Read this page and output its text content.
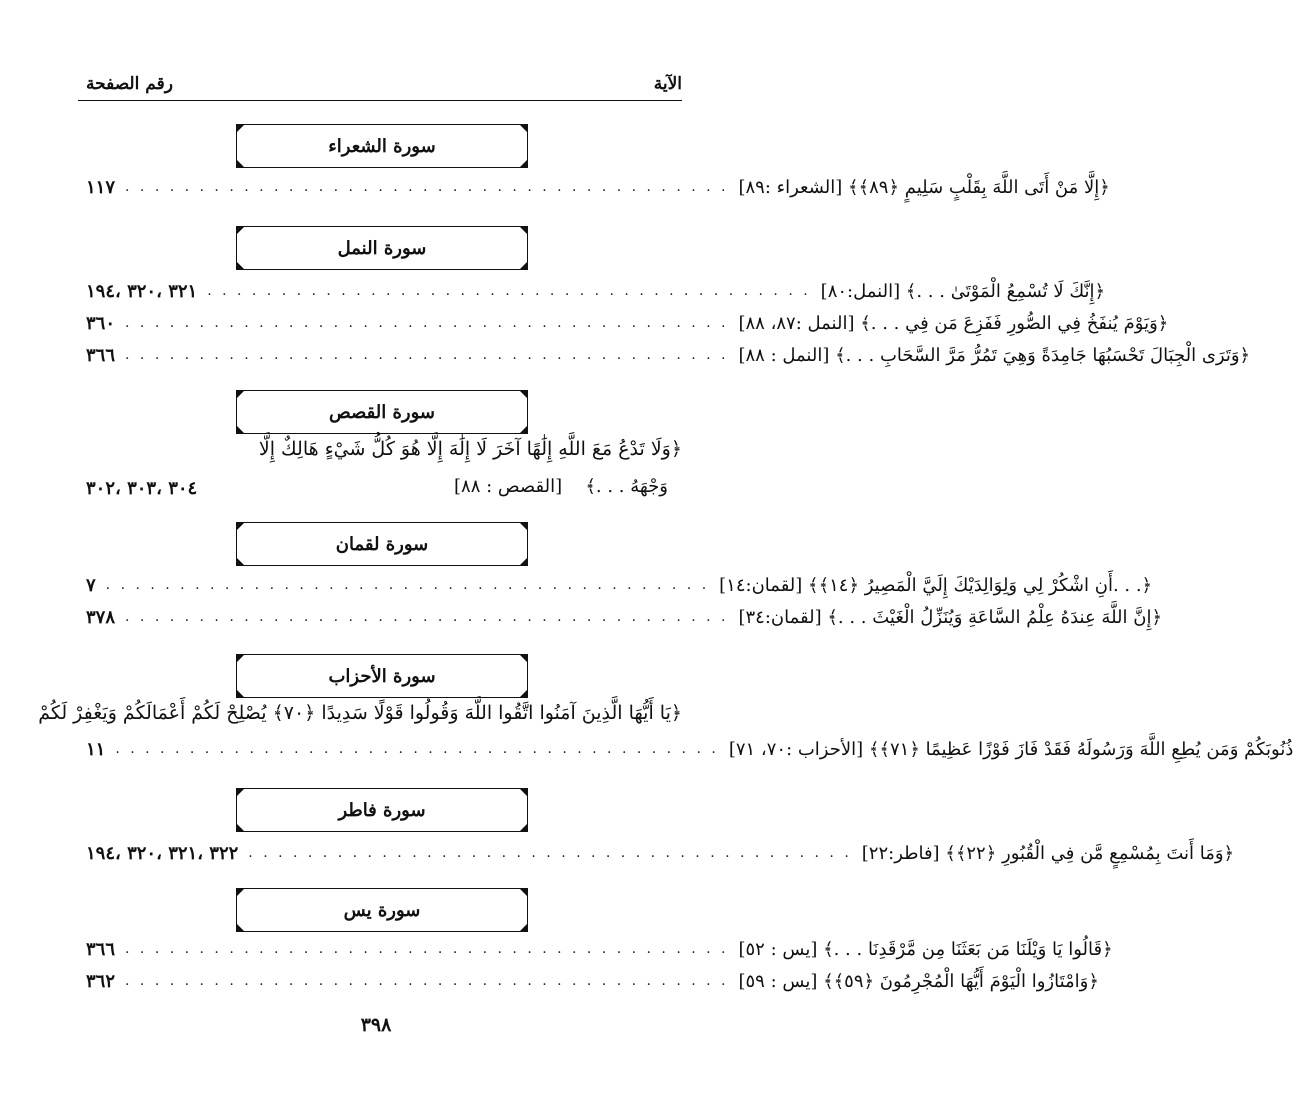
الآية
رقم الصفحة
سورة الشعراء
١١٧ . . . . . . . . . . . . . . . . . . . . . . . . . . . . . . . . . . . . . . . . . ﴿إِلَّا مَنْ أَتَى اللَّهَ بِقَلْبٍ سَلِيمٍ ﴿٨٩﴾﴾ [الشعراء :٨٩]
سورة النمل
٣٢١ ،٣٢٠ ،١٩٤ . . . . . . . . . . . . . . . . . . . . . . . . . . . . . . . . . . . . . . . . . ﴿إِنَّكَ لَا تُسْمِعُ الْمَوْتَىٰ . . .﴾ [النمل:٨٠]
٣٦٠ . . . . . . . . . . . . . . . . . . . . . . . . . . . . . . . . . . . . . . . . . ﴿وَيَوْمَ يُنفَخُ فِي الصُّورِ فَفَزِعَ مَن فِي . . .﴾ [النمل :٨٧، ٨٨]
٣٦٦ . . . . . . . . . . . . . . . . . . . . . . . . . . . . . . . . . . . . . . . . . ﴿وَتَرَى الْجِبَالَ تَحْسَبُهَا جَامِدَةً وَهِيَ تَمُرُّ مَرَّ السَّحَابِ . . .﴾ [النمل : ٨٨]
سورة القصص
﴿وَلَا تَدْعُ مَعَ اللَّهِ إِلَٰهًا آخَرَ لَا إِلَٰهَ إِلَّا هُوَ كُلُّ شَيْءٍ هَالِكٌ إِلَّا
وَجْهَهُ . . .﴾
[القصص : ٨٨]
٣٠٤ ،٣٠٣ ،٣٠٢
سورة لقمان
٧ . . . . . . . . . . . . . . . . . . . . . . . . . . . . . . . . . . . . . . . . . ﴿. . .أَنِ اشْكُرْ لِي وَلِوَالِدَيْكَ إِلَيَّ الْمَصِيرُ ﴿١٤﴾﴾ [لقمان:١٤]
٣٧٨ . . . . . . . . . . . . . . . . . . . . . . . . . . . . . . . . . . . . . . . . . ﴿إِنَّ اللَّهَ عِندَهُ عِلْمُ السَّاعَةِ وَيُنَزِّلُ الْغَيْثَ . . .﴾ [لقمان:٣٤]
سورة الأحزاب
﴿يَا أَيُّهَا الَّذِينَ آمَنُوا اتَّقُوا اللَّهَ وَقُولُوا قَوْلًا سَدِيدًا ﴿٧٠﴾ يُصْلِحْ لَكُمْ أَعْمَالَكُمْ وَيَغْفِرْ لَكُمْ
١١ . . . . . . . . . . . . . . . . . . . . . . . . . . . . . . . . . . . . . . . . . ذُنُوبَكُمْ وَمَن يُطِعِ اللَّهَ وَرَسُولَهُ فَقَدْ فَازَ فَوْزًا عَظِيمًا ﴿٧١﴾﴾ [الأحزاب :٧٠، ٧١]
سورة فاطر
٣٢٢ ،٣٢١ ،٣٢٠ ،١٩٤ . . . . . . . . . . . . . . . . . . . . . . . . . . . . . . . . . . . . . . . . . ﴿وَمَا أَنتَ بِمُسْمِعٍ مَّن فِي الْقُبُورِ ﴿٢٢﴾﴾ [فاطر:٢٢]
سورة يس
٣٦٦ . . . . . . . . . . . . . . . . . . . . . . . . . . . . . . . . . . . . . . . . . ﴿قَالُوا يَا وَيْلَنَا مَن بَعَثَنَا مِن مَّرْقَدِنَا . . .﴾ [يس : ٥٢]
٣٦٢ . . . . . . . . . . . . . . . . . . . . . . . . . . . . . . . . . . . . . . . . . ﴿وَامْتَازُوا الْيَوْمَ أَيُّهَا الْمُجْرِمُونَ ﴿٥٩﴾﴾ [يس : ٥٩]
٣٩٨
